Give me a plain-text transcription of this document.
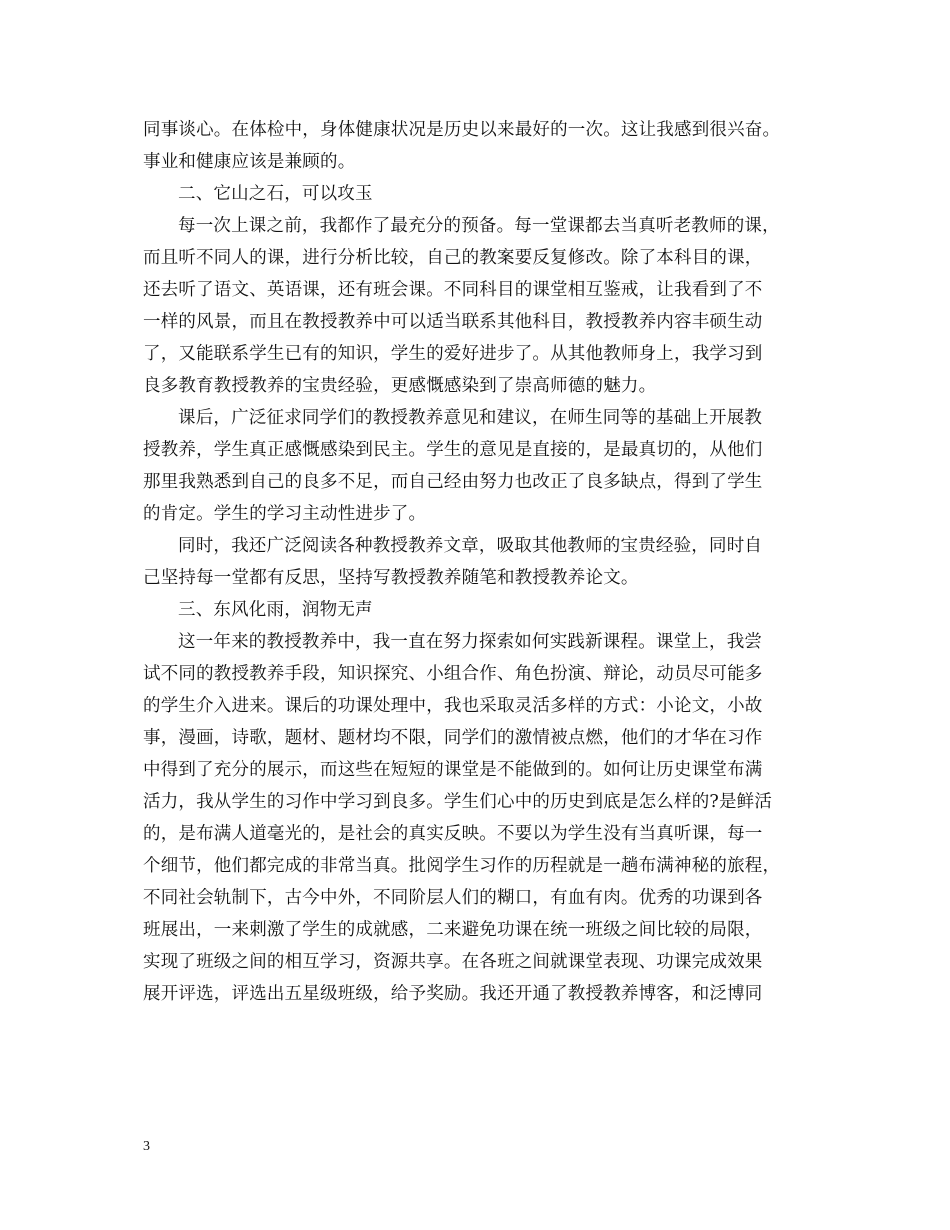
同事谈心。在体检中，身体健康状况是历史以来最好的一次。这让我感到很兴奋。
事业和健康应该是兼顾的。
二、它山之石，可以攻玉
每一次上课之前，我都作了最充分的预备。每一堂课都去当真听老教师的课，
而且听不同人的课，进行分析比较，自己的教案要反复修改。除了本科目的课，
还去听了语文、英语课，还有班会课。不同科目的课堂相互鉴戒，让我看到了不
一样的风景，而且在教授教养中可以适当联系其他科目，教授教养内容丰硕生动
了，又能联系学生已有的知识，学生的爱好进步了。从其他教师身上，我学习到
良多教育教授教养的宝贵经验，更感慨感染到了崇高师德的魅力。
课后，广泛征求同学们的教授教养意见和建议，在师生同等的基础上开展教
授教养，学生真正感慨感染到民主。学生的意见是直接的，是最真切的，从他们
那里我熟悉到自己的良多不足，而自己经由努力也改正了良多缺点，得到了学生
的肯定。学生的学习主动性进步了。
同时，我还广泛阅读各种教授教养文章，吸取其他教师的宝贵经验，同时自
己坚持每一堂都有反思，坚持写教授教养随笔和教授教养论文。
三、东风化雨，润物无声
这一年来的教授教养中，我一直在努力探索如何实践新课程。课堂上，我尝
试不同的教授教养手段，知识探究、小组合作、角色扮演、辩论，动员尽可能多
的学生介入进来。课后的功课处理中，我也采取灵活多样的方式：小论文，小故
事，漫画，诗歌，题材、题材均不限，同学们的激情被点燃，他们的才华在习作
中得到了充分的展示，而这些在短短的课堂是不能做到的。如何让历史课堂布满
活力，我从学生的习作中学习到良多。学生们心中的历史到底是怎么样的?是鲜活
的，是布满人道毫光的，是社会的真实反映。不要以为学生没有当真听课，每一
个细节，他们都完成的非常当真。批阅学生习作的历程就是一趟布满神秘的旅程，
不同社会轨制下，古今中外，不同阶层人们的糊口，有血有肉。优秀的功课到各
班展出，一来刺激了学生的成就感，二来避免功课在统一班级之间比较的局限，
实现了班级之间的相互学习，资源共享。在各班之间就课堂表现、功课完成效果
展开评选，评选出五星级班级，给予奖励。我还开通了教授教养博客，和泛博同
3
